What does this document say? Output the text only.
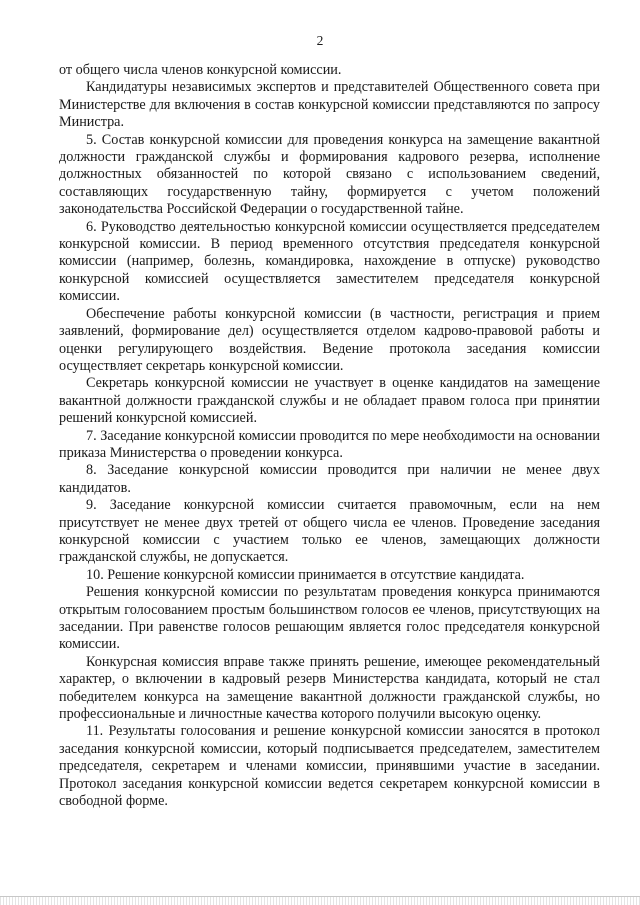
2

от общего числа членов конкурсной комиссии.

Кандидатуры независимых экспертов и представителей Общественного совета при Министерстве для включения в состав конкурсной комиссии представляются по запросу Министра.

5. Состав конкурсной комиссии для проведения конкурса на замещение вакантной должности гражданской службы и формирования кадрового резерва, исполнение должностных обязанностей по которой связано с использованием сведений, составляющих государственную тайну, формируется с учетом положений законодательства Российской Федерации о государственной тайне.

6. Руководство деятельностью конкурсной комиссии осуществляется председателем конкурсной комиссии. В период временного отсутствия председателя конкурсной комиссии (например, болезнь, командировка, нахождение в отпуске) руководство конкурсной комиссией осуществляется заместителем председателя конкурсной комиссии.

Обеспечение работы конкурсной комиссии (в частности, регистрация и прием заявлений, формирование дел) осуществляется отделом кадрово-правовой работы и оценки регулирующего воздействия. Ведение протокола заседания комиссии осуществляет секретарь конкурсной комиссии.

Секретарь конкурсной комиссии не участвует в оценке кандидатов на замещение вакантной должности гражданской службы и не обладает правом голоса при принятии решений конкурсной комиссией.

7. Заседание конкурсной комиссии проводится по мере необходимости на основании приказа Министерства о проведении конкурса.

8. Заседание конкурсной комиссии проводится при наличии не менее двух кандидатов.

9. Заседание конкурсной комиссии считается правомочным, если на нем присутствует не менее двух третей от общего числа ее членов. Проведение заседания конкурсной комиссии с участием только ее членов, замещающих должности гражданской службы, не допускается.

10. Решение конкурсной комиссии принимается в отсутствие кандидата.

Решения конкурсной комиссии по результатам проведения конкурса принимаются открытым голосованием простым большинством голосов ее членов, присутствующих на заседании. При равенстве голосов решающим является голос председателя конкурсной комиссии.

Конкурсная комиссия вправе также принять решение, имеющее рекомендательный характер, о включении в кадровый резерв Министерства кандидата, который не стал победителем конкурса на замещение вакантной должности гражданской службы, но профессиональные и личностные качества которого получили высокую оценку.

11. Результаты голосования и решение конкурсной комиссии заносятся в протокол заседания конкурсной комиссии, который подписывается председателем, заместителем председателя, секретарем и членами комиссии, принявшими участие в заседании. Протокол заседания конкурсной комиссии ведется секретарем конкурсной комиссии в свободной форме.
